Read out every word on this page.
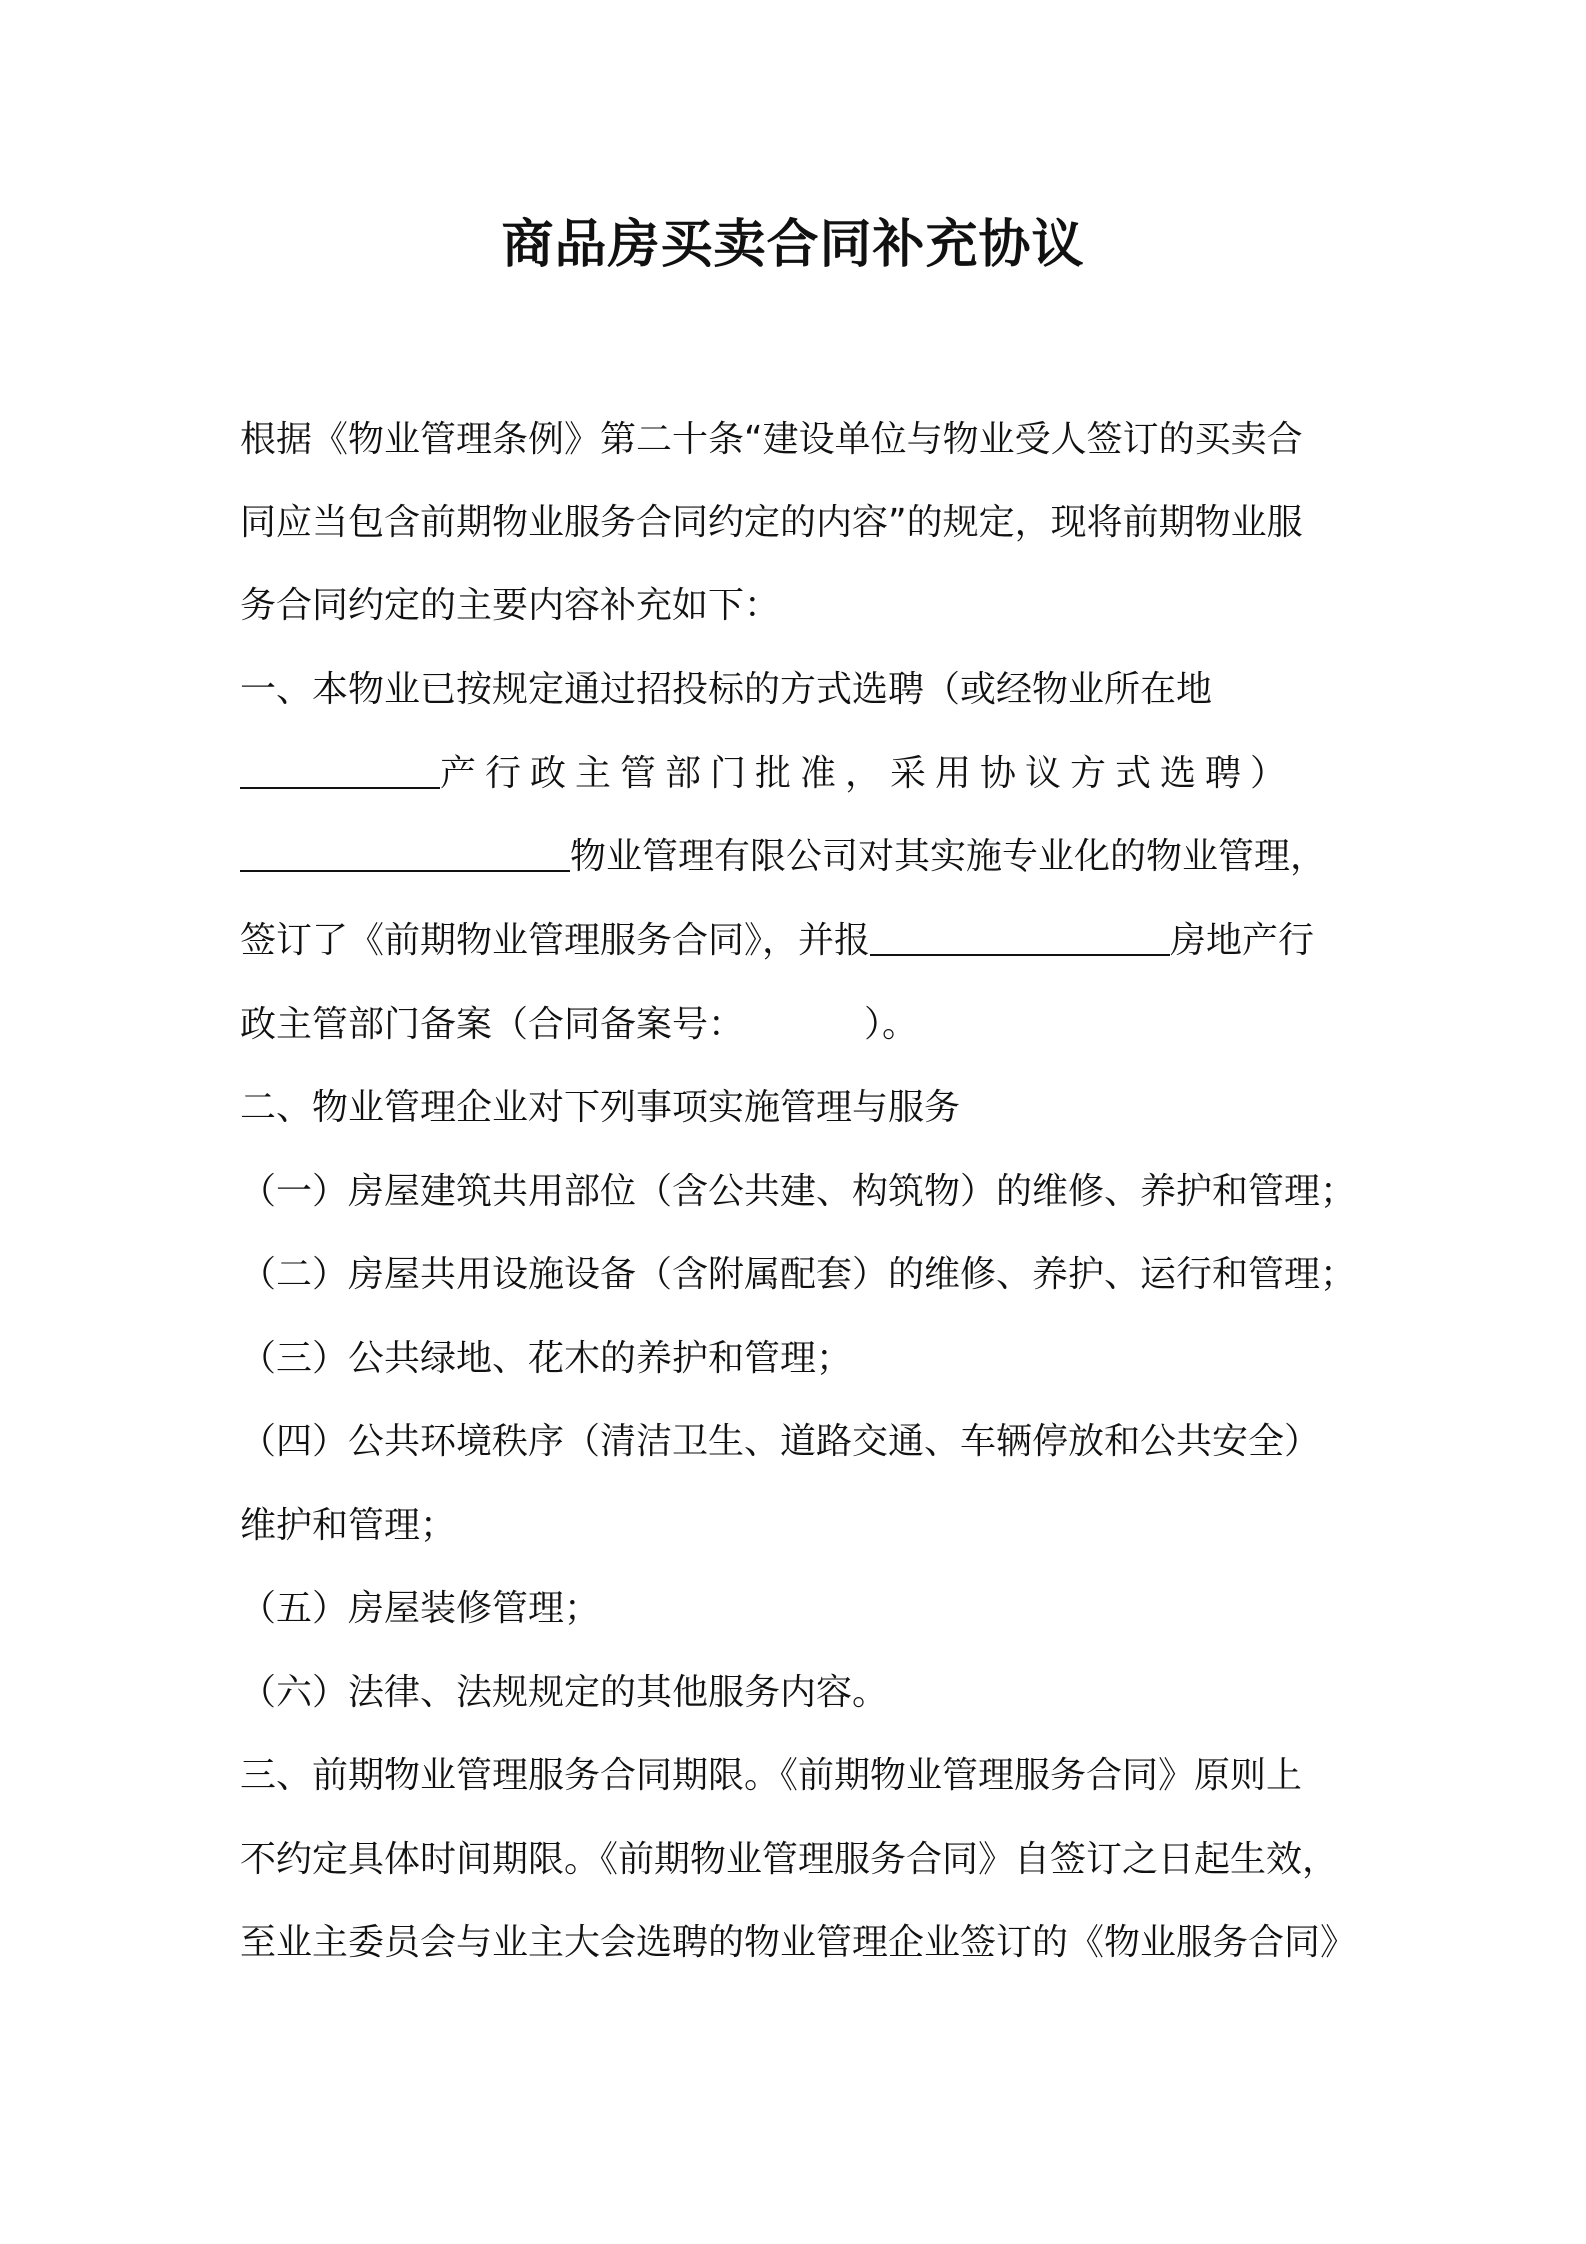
商品房买卖合同补充协议
根据《物业管理条例》第二十条“建设单位与物业受人签订的买卖合
同应当包含前期物业服务合同约定的内容”的规定，现将前期物业服
务合同约定的主要内容补充如下：
一、本物业已按规定通过招投标的方式选聘（或经物业所在地
产行政主管部门批准，采用协议方式选聘）
物业管理有限公司对其实施专业化的物业管理，
签订了《前期物业管理服务合同》，并报	房地产行
政主管部门备案（合同备案号：	）。
二、物业管理企业对下列事项实施管理与服务
（一）房屋建筑共用部位（含公共建、构筑物）的维修、养护和管理；
（二）房屋共用设施设备（含附属配套）的维修、养护、运行和管理；
（三）公共绿地、花木的养护和管理；
（四）公共环境秩序（清洁卫生、道路交通、车辆停放和公共安全）
维护和管理；
（五）房屋装修管理；
（六）法律、法规规定的其他服务内容。
三、前期物业管理服务合同期限。《前期物业管理服务合同》原则上
不约定具体时间期限。《前期物业管理服务合同》自签订之日起生效，
至业主委员会与业主大会选聘的物业管理企业签订的《物业服务合同》
